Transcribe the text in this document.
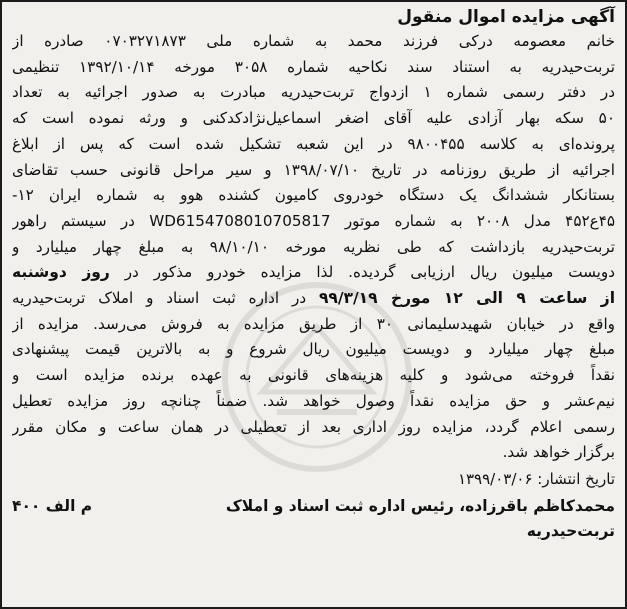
آگهی مزایده اموال منقول
خانم معصومه درکی فرزند محمد به شماره ملی ۰۷۰۳۲۷۱۸۷۳ صادره از
تربت‌حیدریه به استناد سند نکاحیه شماره ۳۰۵۸ مورخه ۱۳۹۲/۱۰/۱۴ تنظیمی
در دفتر رسمی شماره ۱ ازدواج تربت‌حیدریه مبادرت به صدور اجرائیه به تعداد
۵۰ سکه بهار آزادی علیه آقای اضغر اسماعیل‌نژادکدکنی و ورثه نموده است که
پرونده‌ای به کلاسه ۹۸۰۰۴۵۵ در این شعبه تشکیل شده است که پس از ابلاغ
اجرائیه از طریق روزنامه در تاریخ ۱۳۹۸/۰۷/۱۰ و سیر مراحل قانونی حسب تقاضای
بستانکار ششدانگ یک دستگاه خودروی کامیون کشنده هوو به شماره ایران ۱۲-
۴۵ع۴۵۲ مدل ۲۰۰۸ به شماره موتور WD6154708010705817 در سیستم راهور
تربت‌حیدریه بازداشت که طی نظریه مورخه ۹۸/۱۰/۱۰ به مبلغ چهار میلیارد و
دویست میلیون ریال ارزیابی گردیده. لذا مزایده خودرو مذکور در روز دوشنبه
از ساعت ۹ الی ۱۲ مورخ ۹۹/۳/۱۹ در اداره ثبت اسناد و املاک تربت‌حیدریه
واقع در خیابان شهیدسلیمانی ۳۰ از طریق مزایده به فروش می‌رسد. مزایده از
مبلغ چهار میلیارد و دویست میلیون ریال شروع و به بالاترین قیمت پیشنهادی
نقداً فروخته می‌شود و کلیه هزینه‌های قانونی به عهده برنده مزایده است و
نیم‌عشر و حق مزایده نقداً وصول خواهد شد. ضمناً چنانچه روز مزایده تعطیل
رسمی اعلام گردد، مزایده روز اداری بعد از تعطیلی در همان ساعت و مکان مقرر
برگزار خواهد شد.
تاریخ انتشار: ۱۳۹۹/۰۳/۰۶
محمدکاظم باقرزاده، رئیس اداره ثبت اسناد و املاک
م الف ۴۰۰
تربت‌حیدریه
